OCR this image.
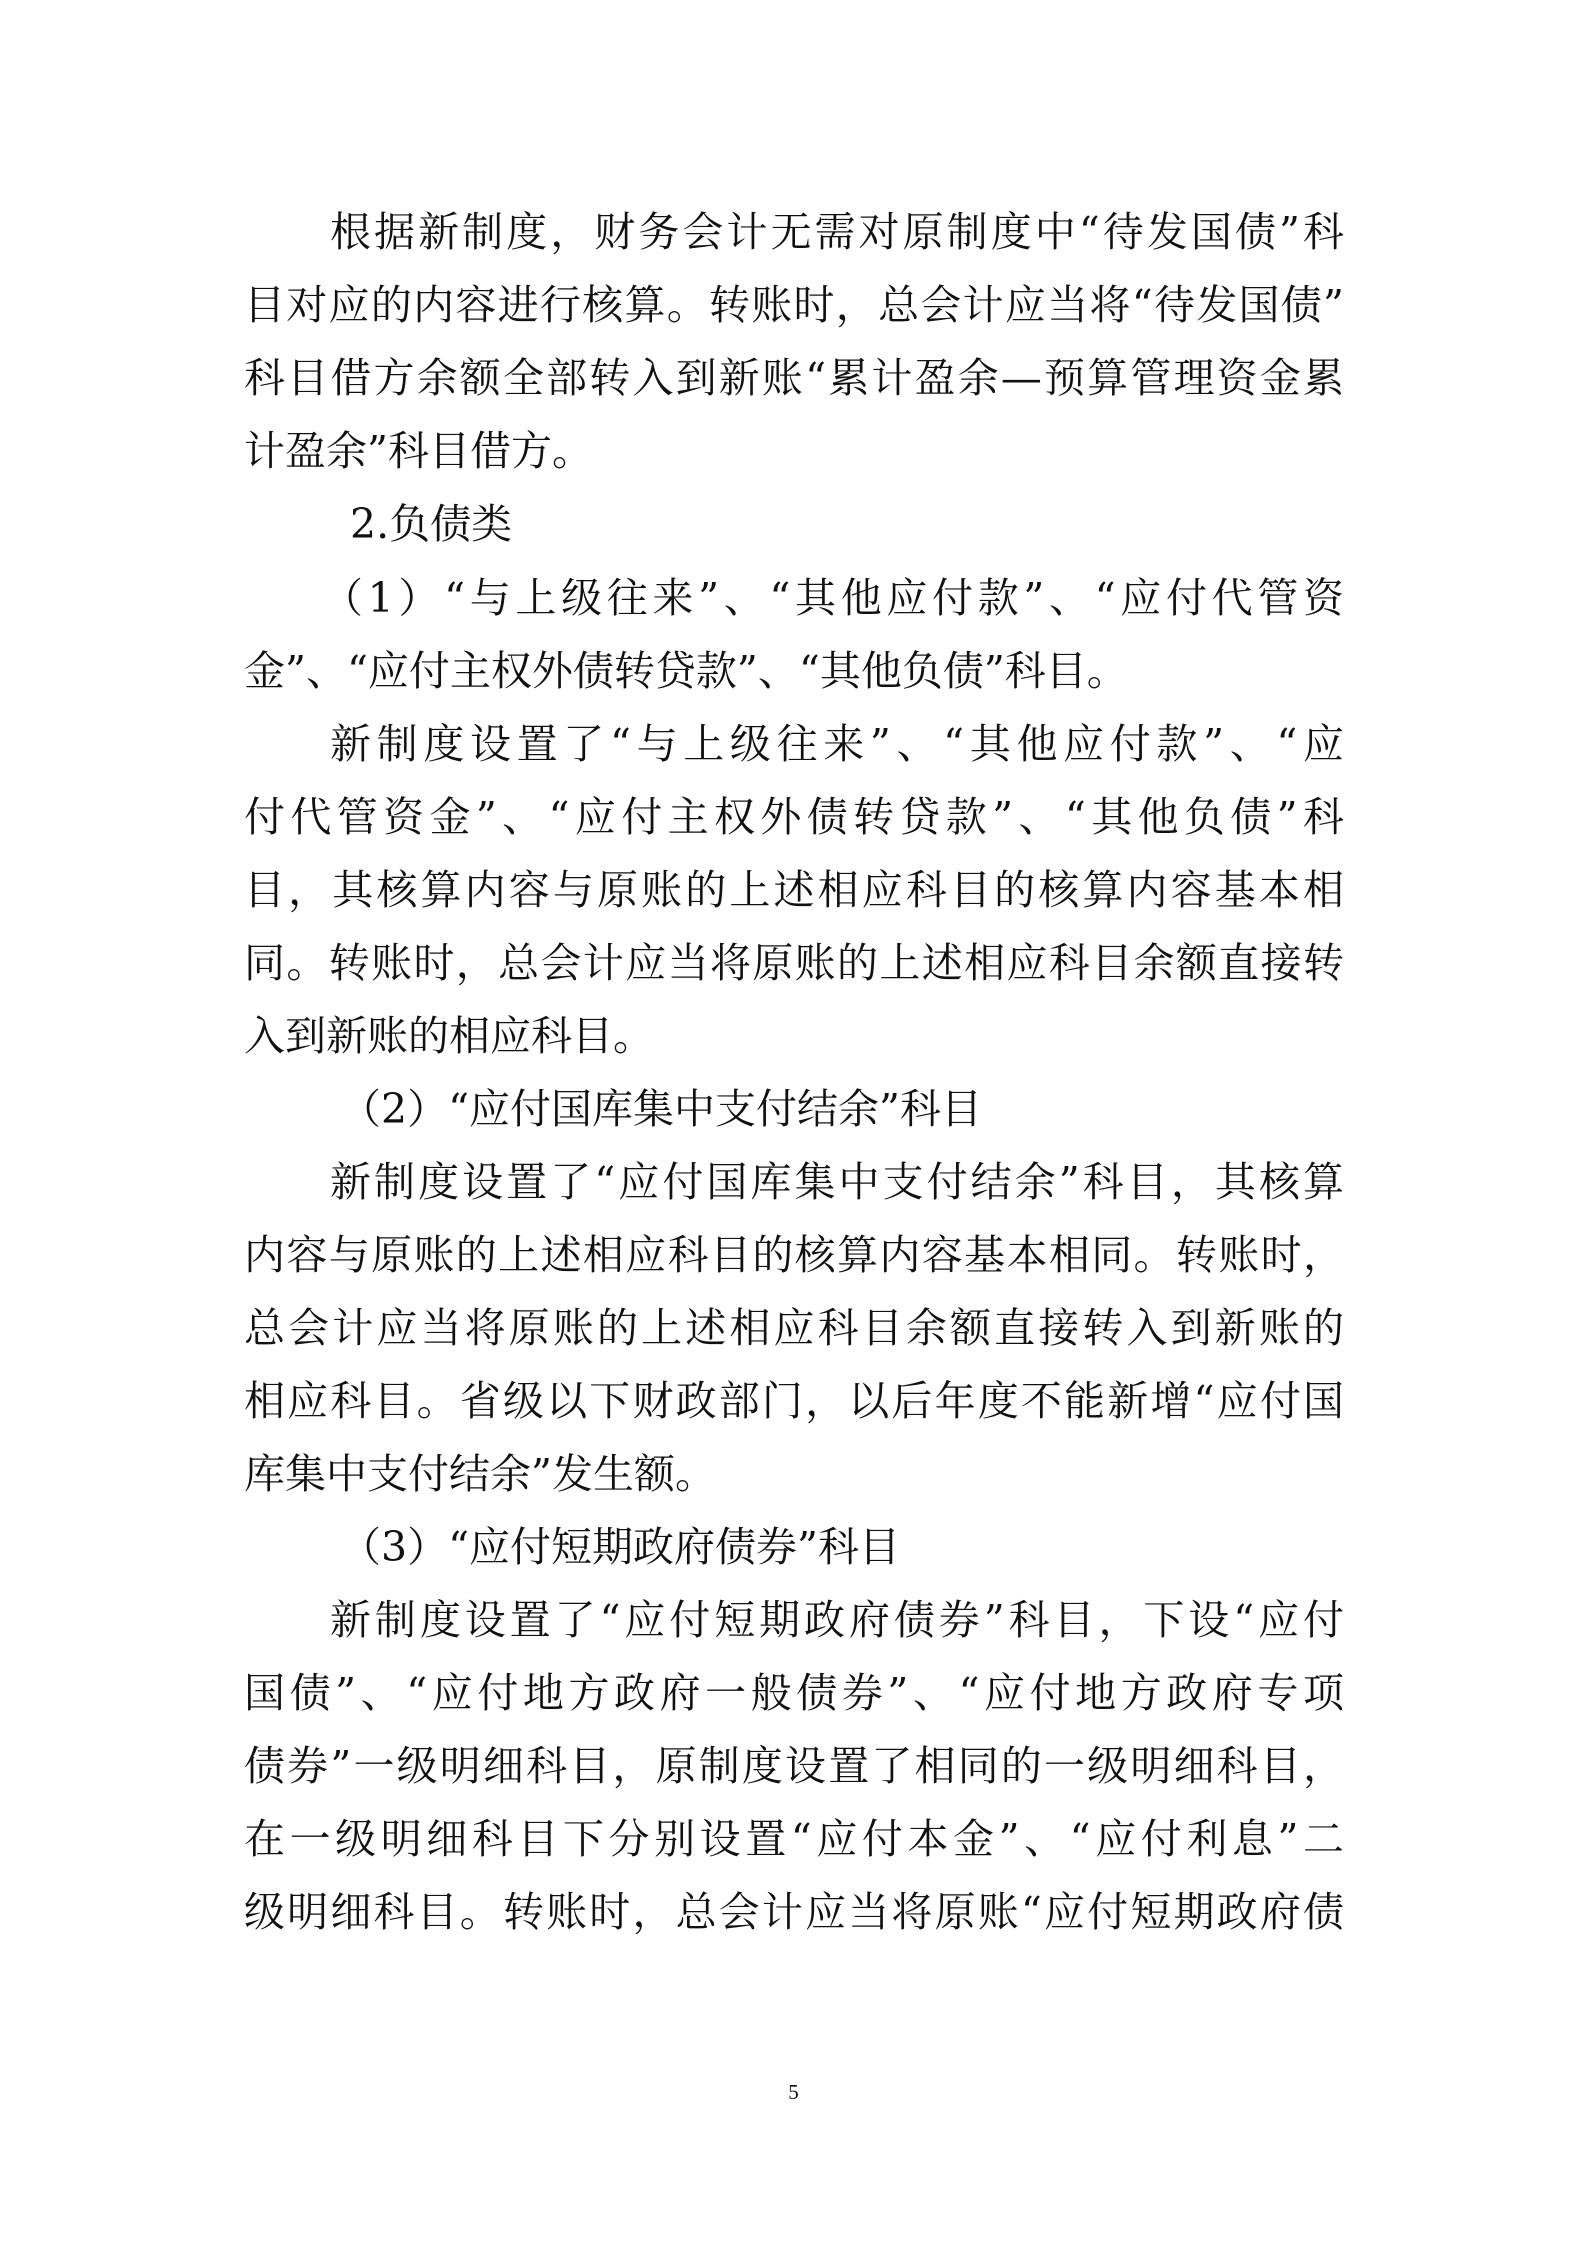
根据新制度，财务会计无需对原制度中“待发国债”科
目对应的内容进行核算。转账时，总会计应当将“待发国债”
科目借方余额全部转入到新账“累计盈余—预算管理资金累
计盈余”科目借方。
2.负债类
（1）“与上级往来”、“其他应付款”、“应付代管资
金”、“应付主权外债转贷款”、“其他负债”科目。
新制度设置了“与上级往来”、“其他应付款”、“应
付代管资金”、“应付主权外债转贷款”、“其他负债”科
目，其核算内容与原账的上述相应科目的核算内容基本相
同。转账时，总会计应当将原账的上述相应科目余额直接转
入到新账的相应科目。
（2）“应付国库集中支付结余”科目
新制度设置了“应付国库集中支付结余”科目，其核算
内容与原账的上述相应科目的核算内容基本相同。转账时，
总会计应当将原账的上述相应科目余额直接转入到新账的
相应科目。省级以下财政部门，以后年度不能新增“应付国
库集中支付结余”发生额。
（3）“应付短期政府债券”科目
新制度设置了“应付短期政府债券”科目，下设“应付
国债”、“应付地方政府一般债券”、“应付地方政府专项
债券”一级明细科目，原制度设置了相同的一级明细科目，
在一级明细科目下分别设置“应付本金”、“应付利息”二
级明细科目。转账时，总会计应当将原账“应付短期政府债
5
